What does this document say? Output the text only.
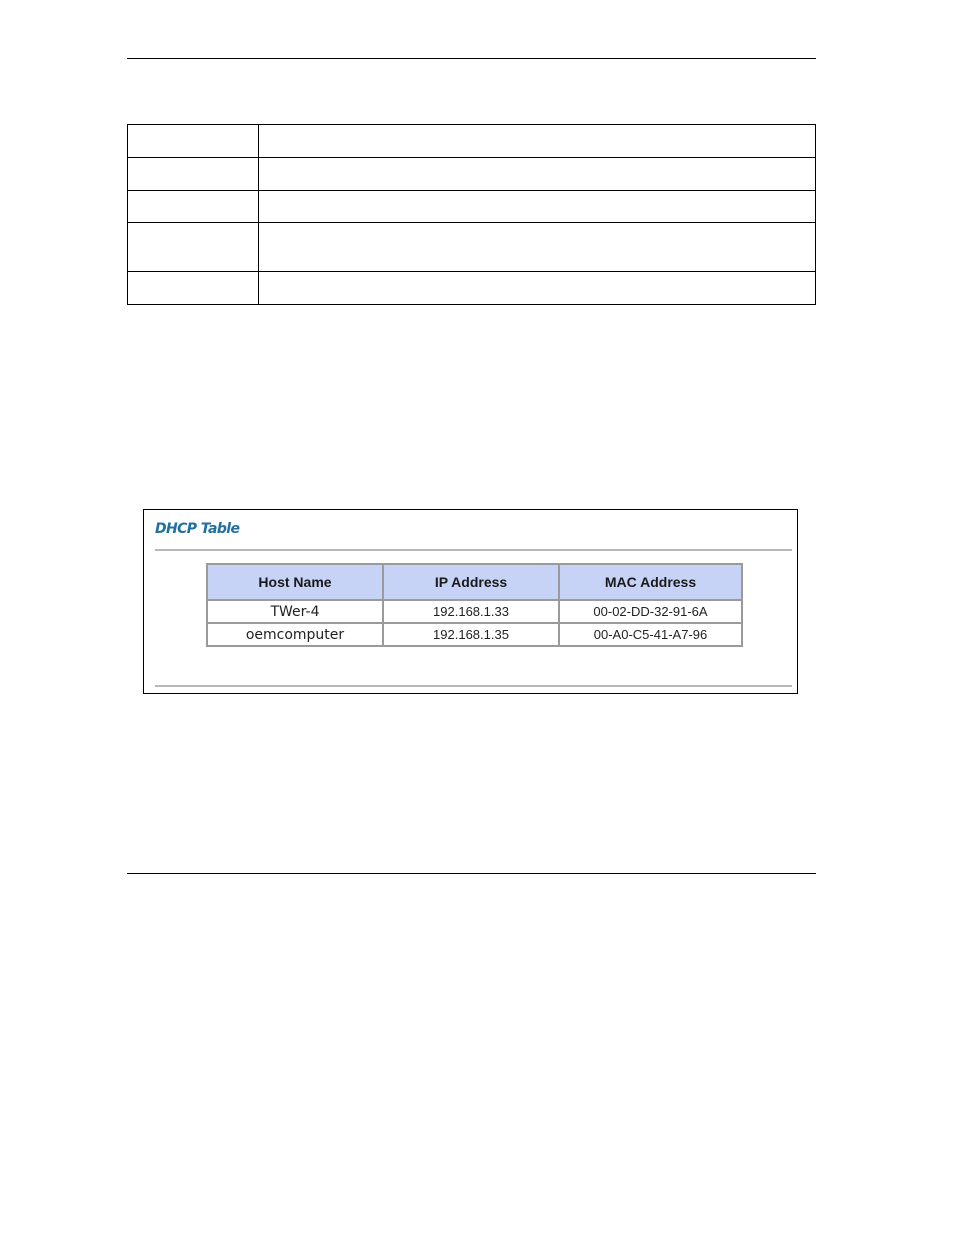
DHCP Table
Host Name	IP Address	MAC Address
TWer-4	192.168.1.33	00-02-DD-32-91-6A
oemcomputer	192.168.1.35	00-A0-C5-41-A7-96
